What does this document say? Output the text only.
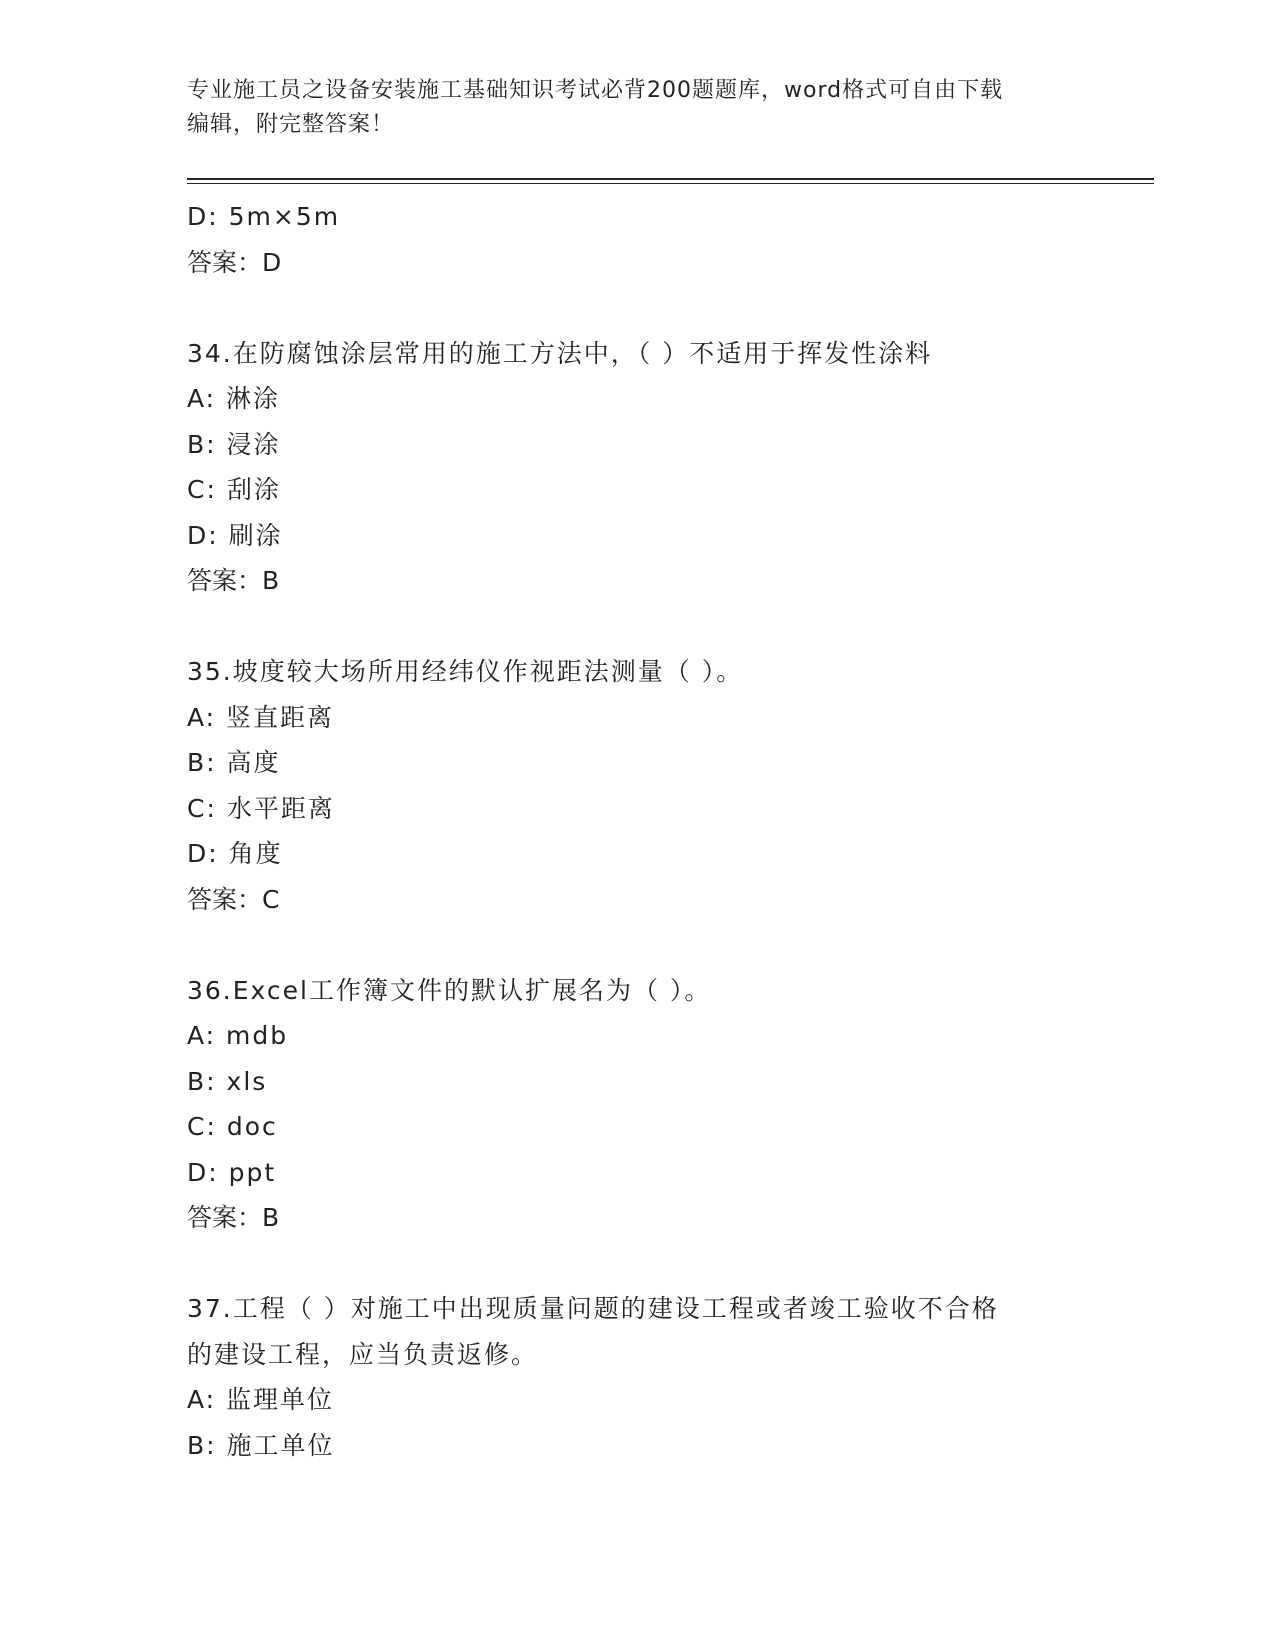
专业施工员之设备安装施工基础知识考试必背200题题库，word格式可自由下载
编辑，附完整答案！
D: 5m×5m
答案：D
34.在防腐蚀涂层常用的施工方法中，（ ）不适用于挥发性涂料
A: 淋涂
B: 浸涂
C: 刮涂
D: 刷涂
答案：B
35.坡度较大场所用经纬仪作视距法测量（ ）。
A: 竖直距离
B: 高度
C: 水平距离
D: 角度
答案：C
36.Excel工作簿文件的默认扩展名为（ ）。
A: mdb
B: xls
C: doc
D: ppt
答案：B
37.工程（ ）对施工中出现质量问题的建设工程或者竣工验收不合格
的建设工程，应当负责返修。
A: 监理单位
B: 施工单位
